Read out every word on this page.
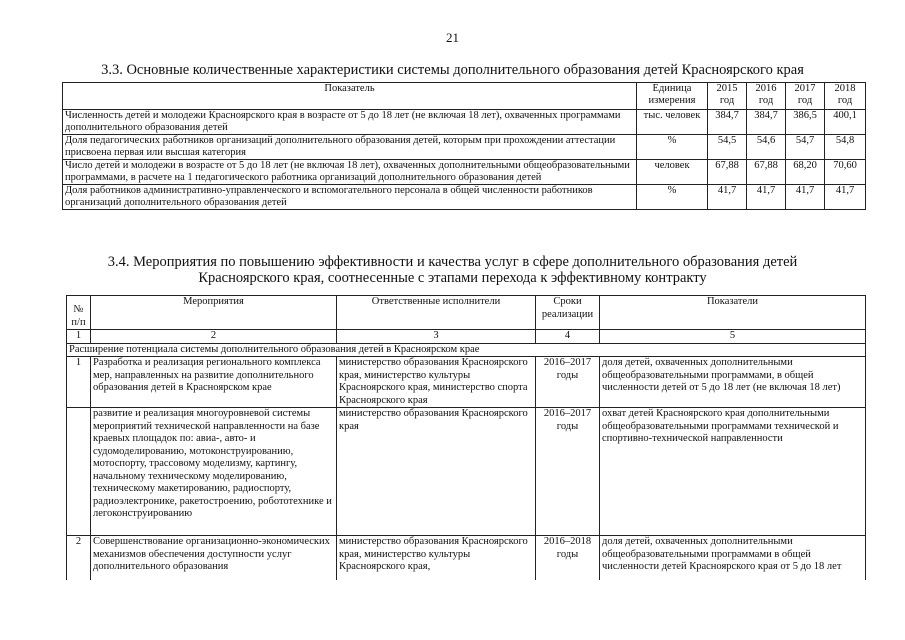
21
3.3. Основные количественные характеристики системы дополнительного образования детей Красноярского края
Показатель	Единица измерения	2015 год	2016 год	2017 год	2018 год
Численность детей и молодежи Красноярского края в возрасте от 5 до 18 лет (не включая 18 лет), охваченных программами дополнительного образования детей	тыс. человек	384,7	384,7	386,5	400,1
Доля педагогических работников организаций дополнительного образования детей, которым при прохождении аттестации присвоена первая или высшая категория	%	54,5	54,6	54,7	54,8
Число детей и молодежи в возрасте от 5 до 18 лет (не включая 18 лет), охваченных дополнительными общеобразовательными программами, в расчете на 1 педагогического работника организаций дополнительного образования детей	человек	67,88	67,88	68,20	70,60
Доля работников административно-управленческого и вспомогательного персонала в общей численности работников организаций дополнительного образования детей	%	41,7	41,7	41,7	41,7
3.4. Мероприятия по повышению эффективности и качества услуг в сфере дополнительного образования детей
Красноярского края, соотнесенные с этапами перехода к эффективному контракту
№ п/п	Мероприятия	Ответственные исполнители	Сроки реализации	Показатели
1	2	3	4	5
Расширение потенциала системы дополнительного образования детей в Красноярском крае				
1	Разработка и реализация регионального комплекса мер, направленных на развитие дополнительного образования детей в Красноярском крае	министерство образования Красноярского края, министерство культуры Красноярского края, министерство спорта Красноярского края	2016–2017 годы	доля детей, охваченных дополнительными общеобразовательными программами, в общей численности детей от 5 до 18 лет (не включая 18 лет)
	развитие и реализация многоуровневой системы мероприятий технической направленности на базе краевых площадок по: авиа-, авто- и судомоделированию, мотоконструированию, мотоспорту, трассовому моделизму, картингу, начальному техническому моделированию, техническому макетированию, радиоспорту, радиоэлектронике, ракетостроению, робототехнике и легоконструированию	министерство образования Красноярского края	2016–2017 годы	охват детей Красноярского края дополнительными общеобразовательными программами технической и спортивно-технической направленности
2	Совершенствование организационно-экономических механизмов обеспечения доступности услуг дополнительного образования	министерство образования Красноярского края, министерство культуры Красноярского края,	2016–2018 годы	доля детей, охваченных дополнительными общеобразовательными программами в общей численности детей Красноярского края от 5 до 18 лет
